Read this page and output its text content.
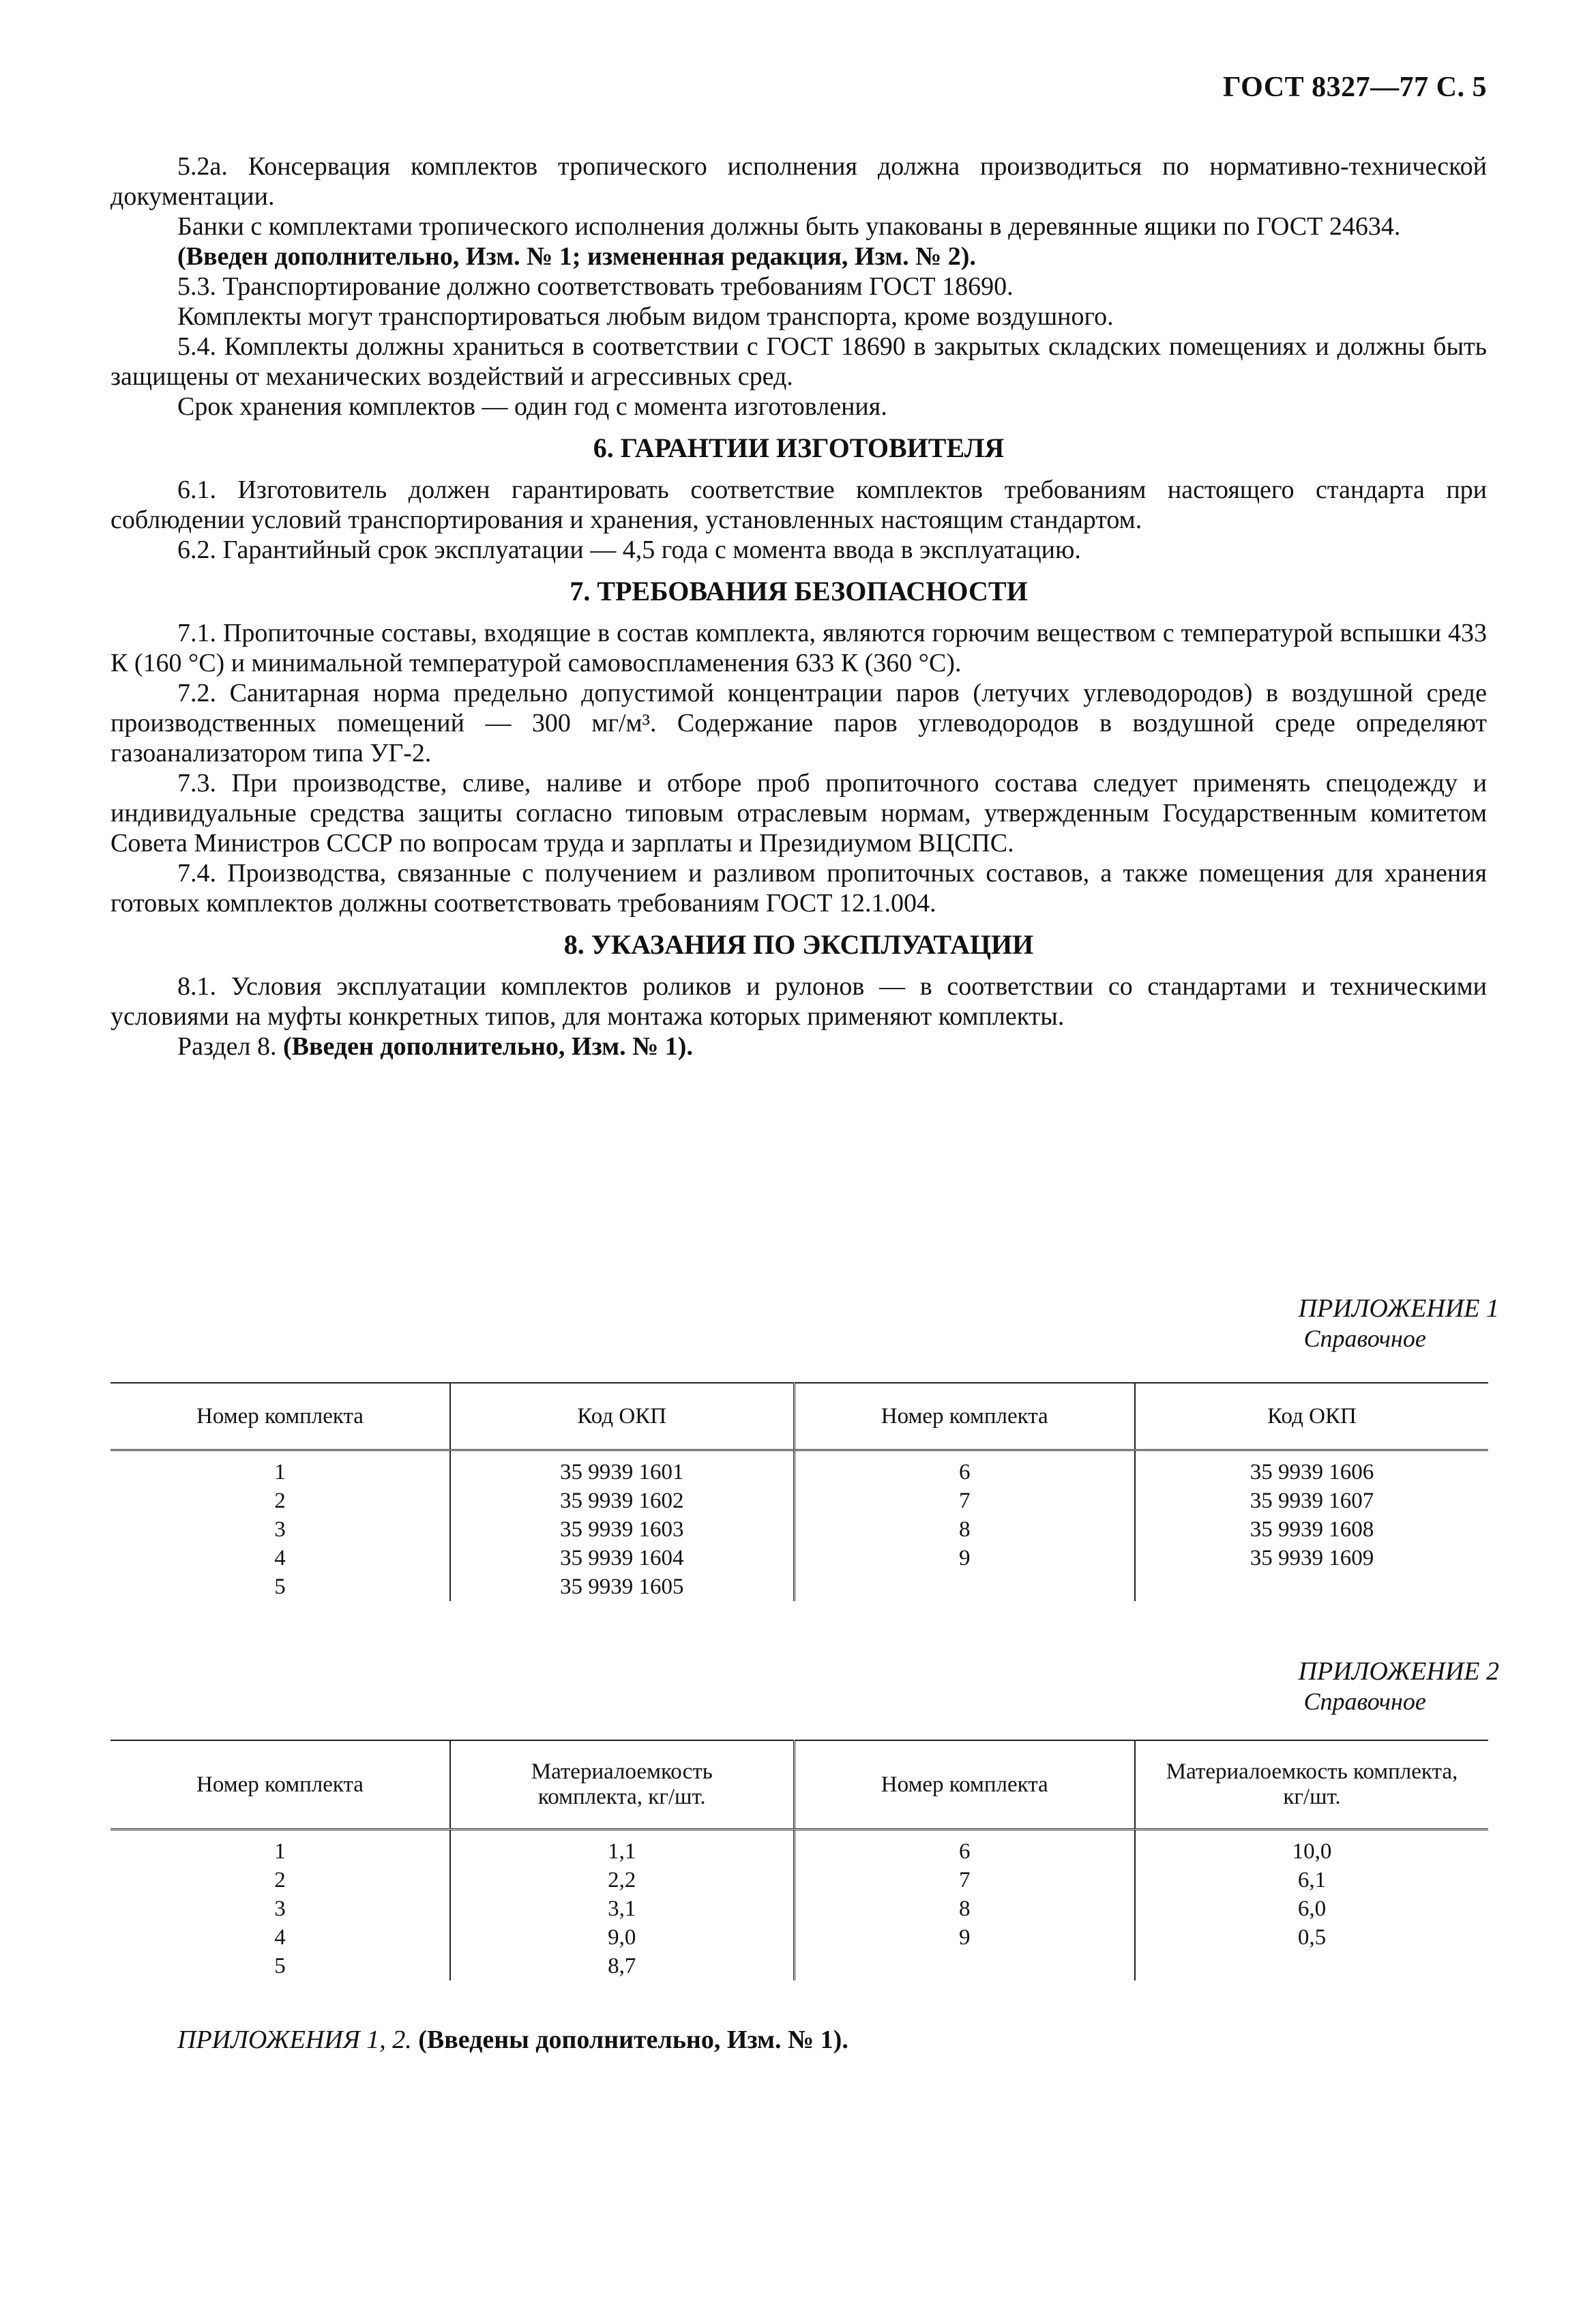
ГОСТ 8327—77 С. 5

5.2а. Консервация комплектов тропического исполнения должна производиться по нормативно-технической документации.

Банки с комплектами тропического исполнения должны быть упакованы в деревянные ящики по ГОСТ 24634.

(Введен дополнительно, Изм. № 1; измененная редакция, Изм. № 2).

5.3. Транспортирование должно соответствовать требованиям ГОСТ 18690.

Комплекты могут транспортироваться любым видом транспорта, кроме воздушного.

5.4. Комплекты должны храниться в соответствии с ГОСТ 18690 в закрытых складских помещениях и должны быть защищены от механических воздействий и агрессивных сред.

Срок хранения комплектов — один год с момента изготовления.

6. ГАРАНТИИ ИЗГОТОВИТЕЛЯ

6.1. Изготовитель должен гарантировать соответствие комплектов требованиям настоящего стандарта при соблюдении условий транспортирования и хранения, установленных настоящим стандартом.

6.2. Гарантийный срок эксплуатации — 4,5 года с момента ввода в эксплуатацию.

7. ТРЕБОВАНИЯ БЕЗОПАСНОСТИ

7.1. Пропиточные составы, входящие в состав комплекта, являются горючим веществом с температурой вспышки 433 К (160 °С) и минимальной температурой самовоспламенения 633 К (360 °С).

7.2. Санитарная норма предельно допустимой концентрации паров (летучих углеводородов) в воздушной среде производственных помещений — 300 мг/м³. Содержание паров углеводородов в воздушной среде определяют газоанализатором типа УГ-2.

7.3. При производстве, сливе, наливе и отборе проб пропиточного состава следует применять спецодежду и индивидуальные средства защиты согласно типовым отраслевым нормам, утвержденным Государственным комитетом Совета Министров СССР по вопросам труда и зарплаты и Президиумом ВЦСПС.

7.4. Производства, связанные с получением и разливом пропиточных составов, а также помещения для хранения готовых комплектов должны соответствовать требованиям ГОСТ 12.1.004.

8. УКАЗАНИЯ ПО ЭКСПЛУАТАЦИИ

8.1. Условия эксплуатации комплектов роликов и рулонов — в соответствии со стандартами и техническими условиями на муфты конкретных типов, для монтажа которых применяют комплекты.

Раздел 8. (Введен дополнительно, Изм. № 1).

ПРИЛОЖЕНИЕ 1
Справочное
Номер комплекта	Код ОКП	Номер комплекта	Код ОКП
1	35 9939 1601	6	35 9939 1606
2	35 9939 1602	7	35 9939 1607
3	35 9939 1603	8	35 9939 1608
4	35 9939 1604	9	35 9939 1609
5	35 9939 1605		
ПРИЛОЖЕНИЕ 2
Справочное
Номер комплекта	Материалоемкость комплекта, кг/шт.	Номер комплекта	Материалоемкость комплекта, кг/шт.
1	1,1	6	10,0
2	2,2	7	6,1
3	3,1	8	6,0
4	9,0	9	0,5
5	8,7		
ПРИЛОЖЕНИЯ 1, 2. (Введены дополнительно, Изм. № 1).
